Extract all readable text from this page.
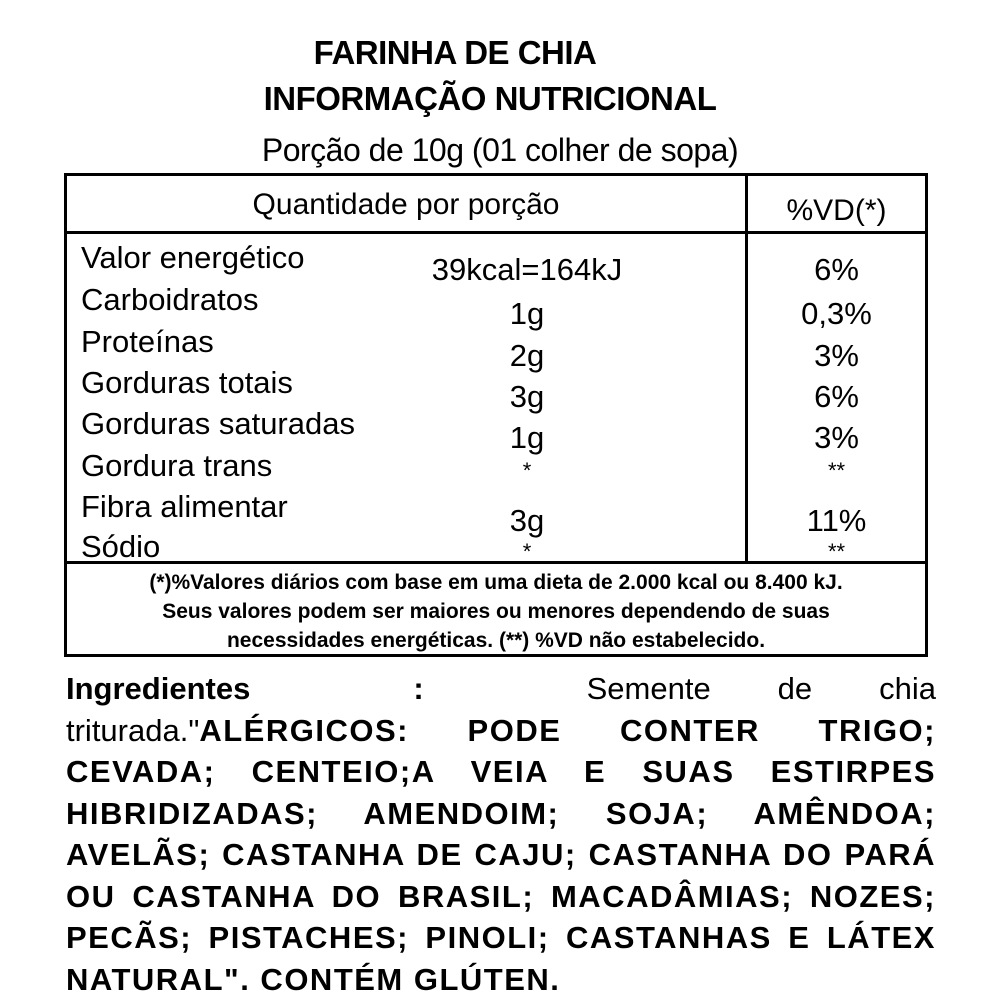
FARINHA DE CHIA
INFORMAÇÃO NUTRICIONAL
Porção de 10g (01 colher de sopa)
Quantidade por porção	%VD(*)
Valor energético	39kcal=164kJ	6%
Carboidratos	1g	0,3%
Proteínas	2g	3%
Gorduras totais	3g	6%
Gorduras saturadas	1g	3%
Gordura trans	*	**
Fibra alimentar	3g	11%
Sódio	*	**
(*)%Valores diários com base em uma dieta de 2.000 kcal ou 8.400 kJ.
Seus valores podem ser maiores ou menores dependendo de suas
necessidades energéticas. (**) %VD não estabelecido.
Ingredientes	:	Semente de chia triturada."ALÉRGICOS: PODE CONTER TRIGO; CEVADA; CENTEIO;A VEIA E SUAS ESTIRPES HIBRIDIZADAS; AMENDOIM; SOJA; AMÊNDOA; AVELÃS; CASTANHA DE CAJU; CASTANHA DO PARÁ OU CASTANHA DO BRASIL; MACADÂMIAS; NOZES; PECÃS; PISTACHES; PINOLI; CASTANHAS E LÁTEX NATURAL". CONTÉM GLÚTEN.
